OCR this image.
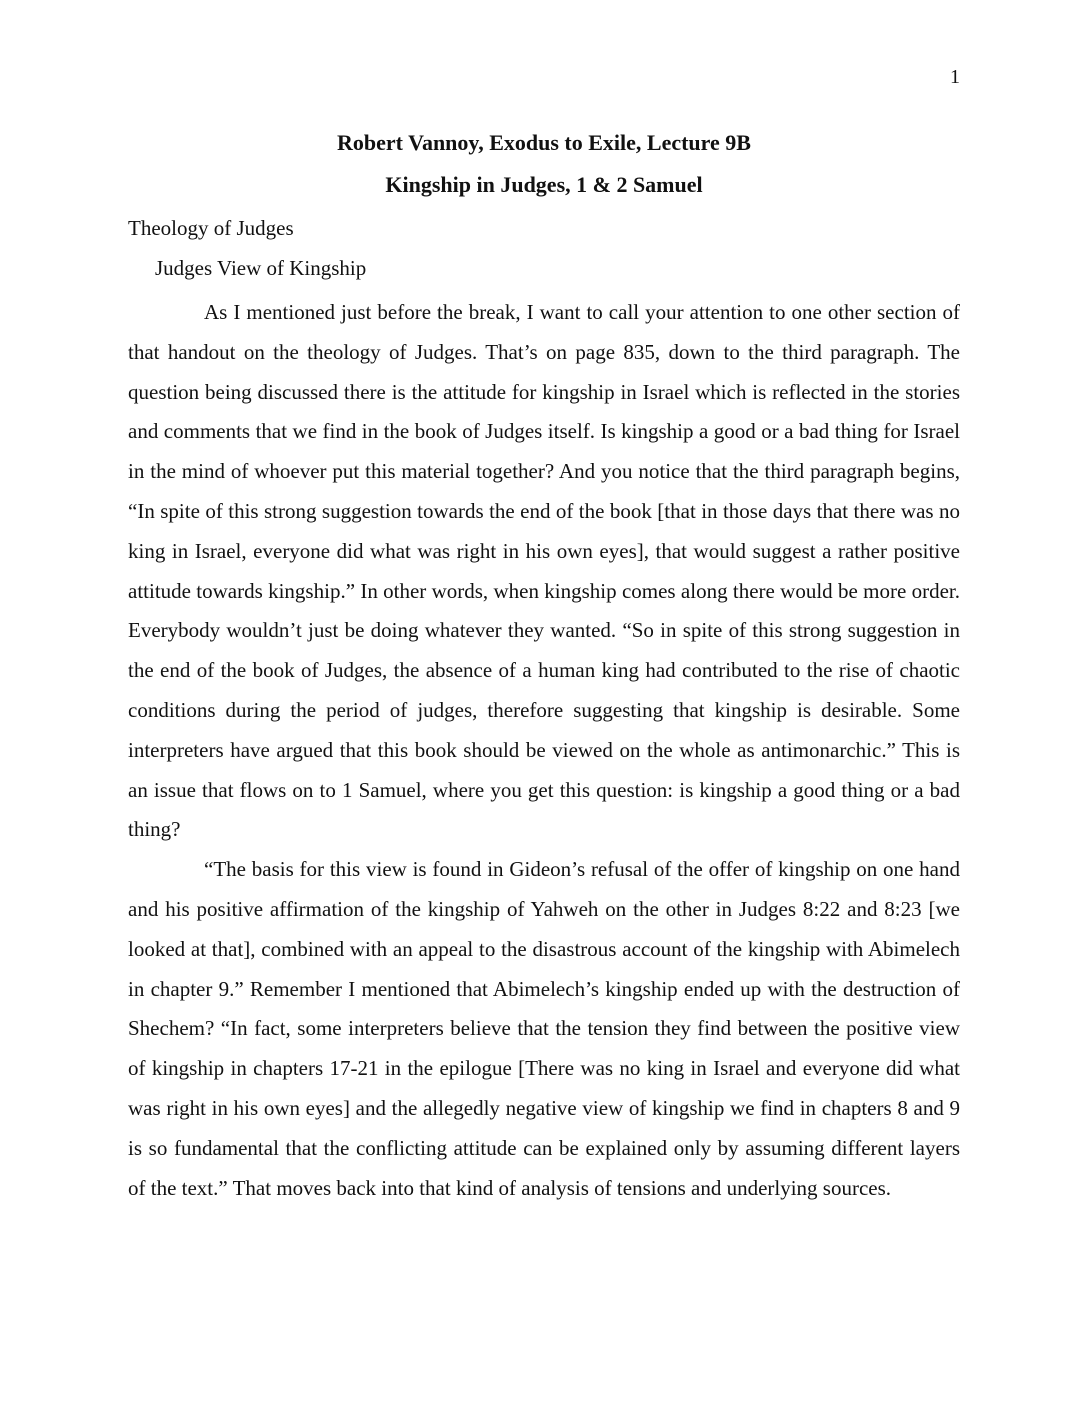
1
Robert Vannoy, Exodus to Exile, Lecture 9B
Kingship in Judges, 1 & 2 Samuel
Theology of Judges
Judges View of Kingship

As I mentioned just before the break, I want to call your attention to one other section of that handout on the theology of Judges. That’s on page 835, down to the third paragraph. The question being discussed there is the attitude for kingship in Israel which is reflected in the stories and comments that we find in the book of Judges itself. Is kingship a good or a bad thing for Israel in the mind of whoever put this material together? And you notice that the third paragraph begins, “In spite of this strong suggestion towards the end of the book [that in those days that there was no king in Israel, everyone did what was right in his own eyes], that would suggest a rather positive attitude towards kingship.” In other words, when kingship comes along there would be more order. Everybody wouldn’t just be doing whatever they wanted. “So in spite of this strong suggestion in the end of the book of Judges, the absence of a human king had contributed to the rise of chaotic conditions during the period of judges, therefore suggesting that kingship is desirable. Some interpreters have argued that this book should be viewed on the whole as antimonarchic.” This is an issue that flows on to 1 Samuel, where you get this question: is kingship a good thing or a bad thing?

“The basis for this view is found in Gideon’s refusal of the offer of kingship on one hand and his positive affirmation of the kingship of Yahweh on the other in Judges 8:22 and 8:23 [we looked at that], combined with an appeal to the disastrous account of the kingship with Abimelech in chapter 9.” Remember I mentioned that Abimelech’s kingship ended up with the destruction of Shechem? “In fact, some interpreters believe that the tension they find between the positive view of kingship in chapters 17-21 in the epilogue [There was no king in Israel and everyone did what was right in his own eyes] and the allegedly negative view of kingship we find in chapters 8 and 9 is so fundamental that the conflicting attitude can be explained only by assuming different layers of the text.” That moves back into that kind of analysis of tensions and underlying sources.
